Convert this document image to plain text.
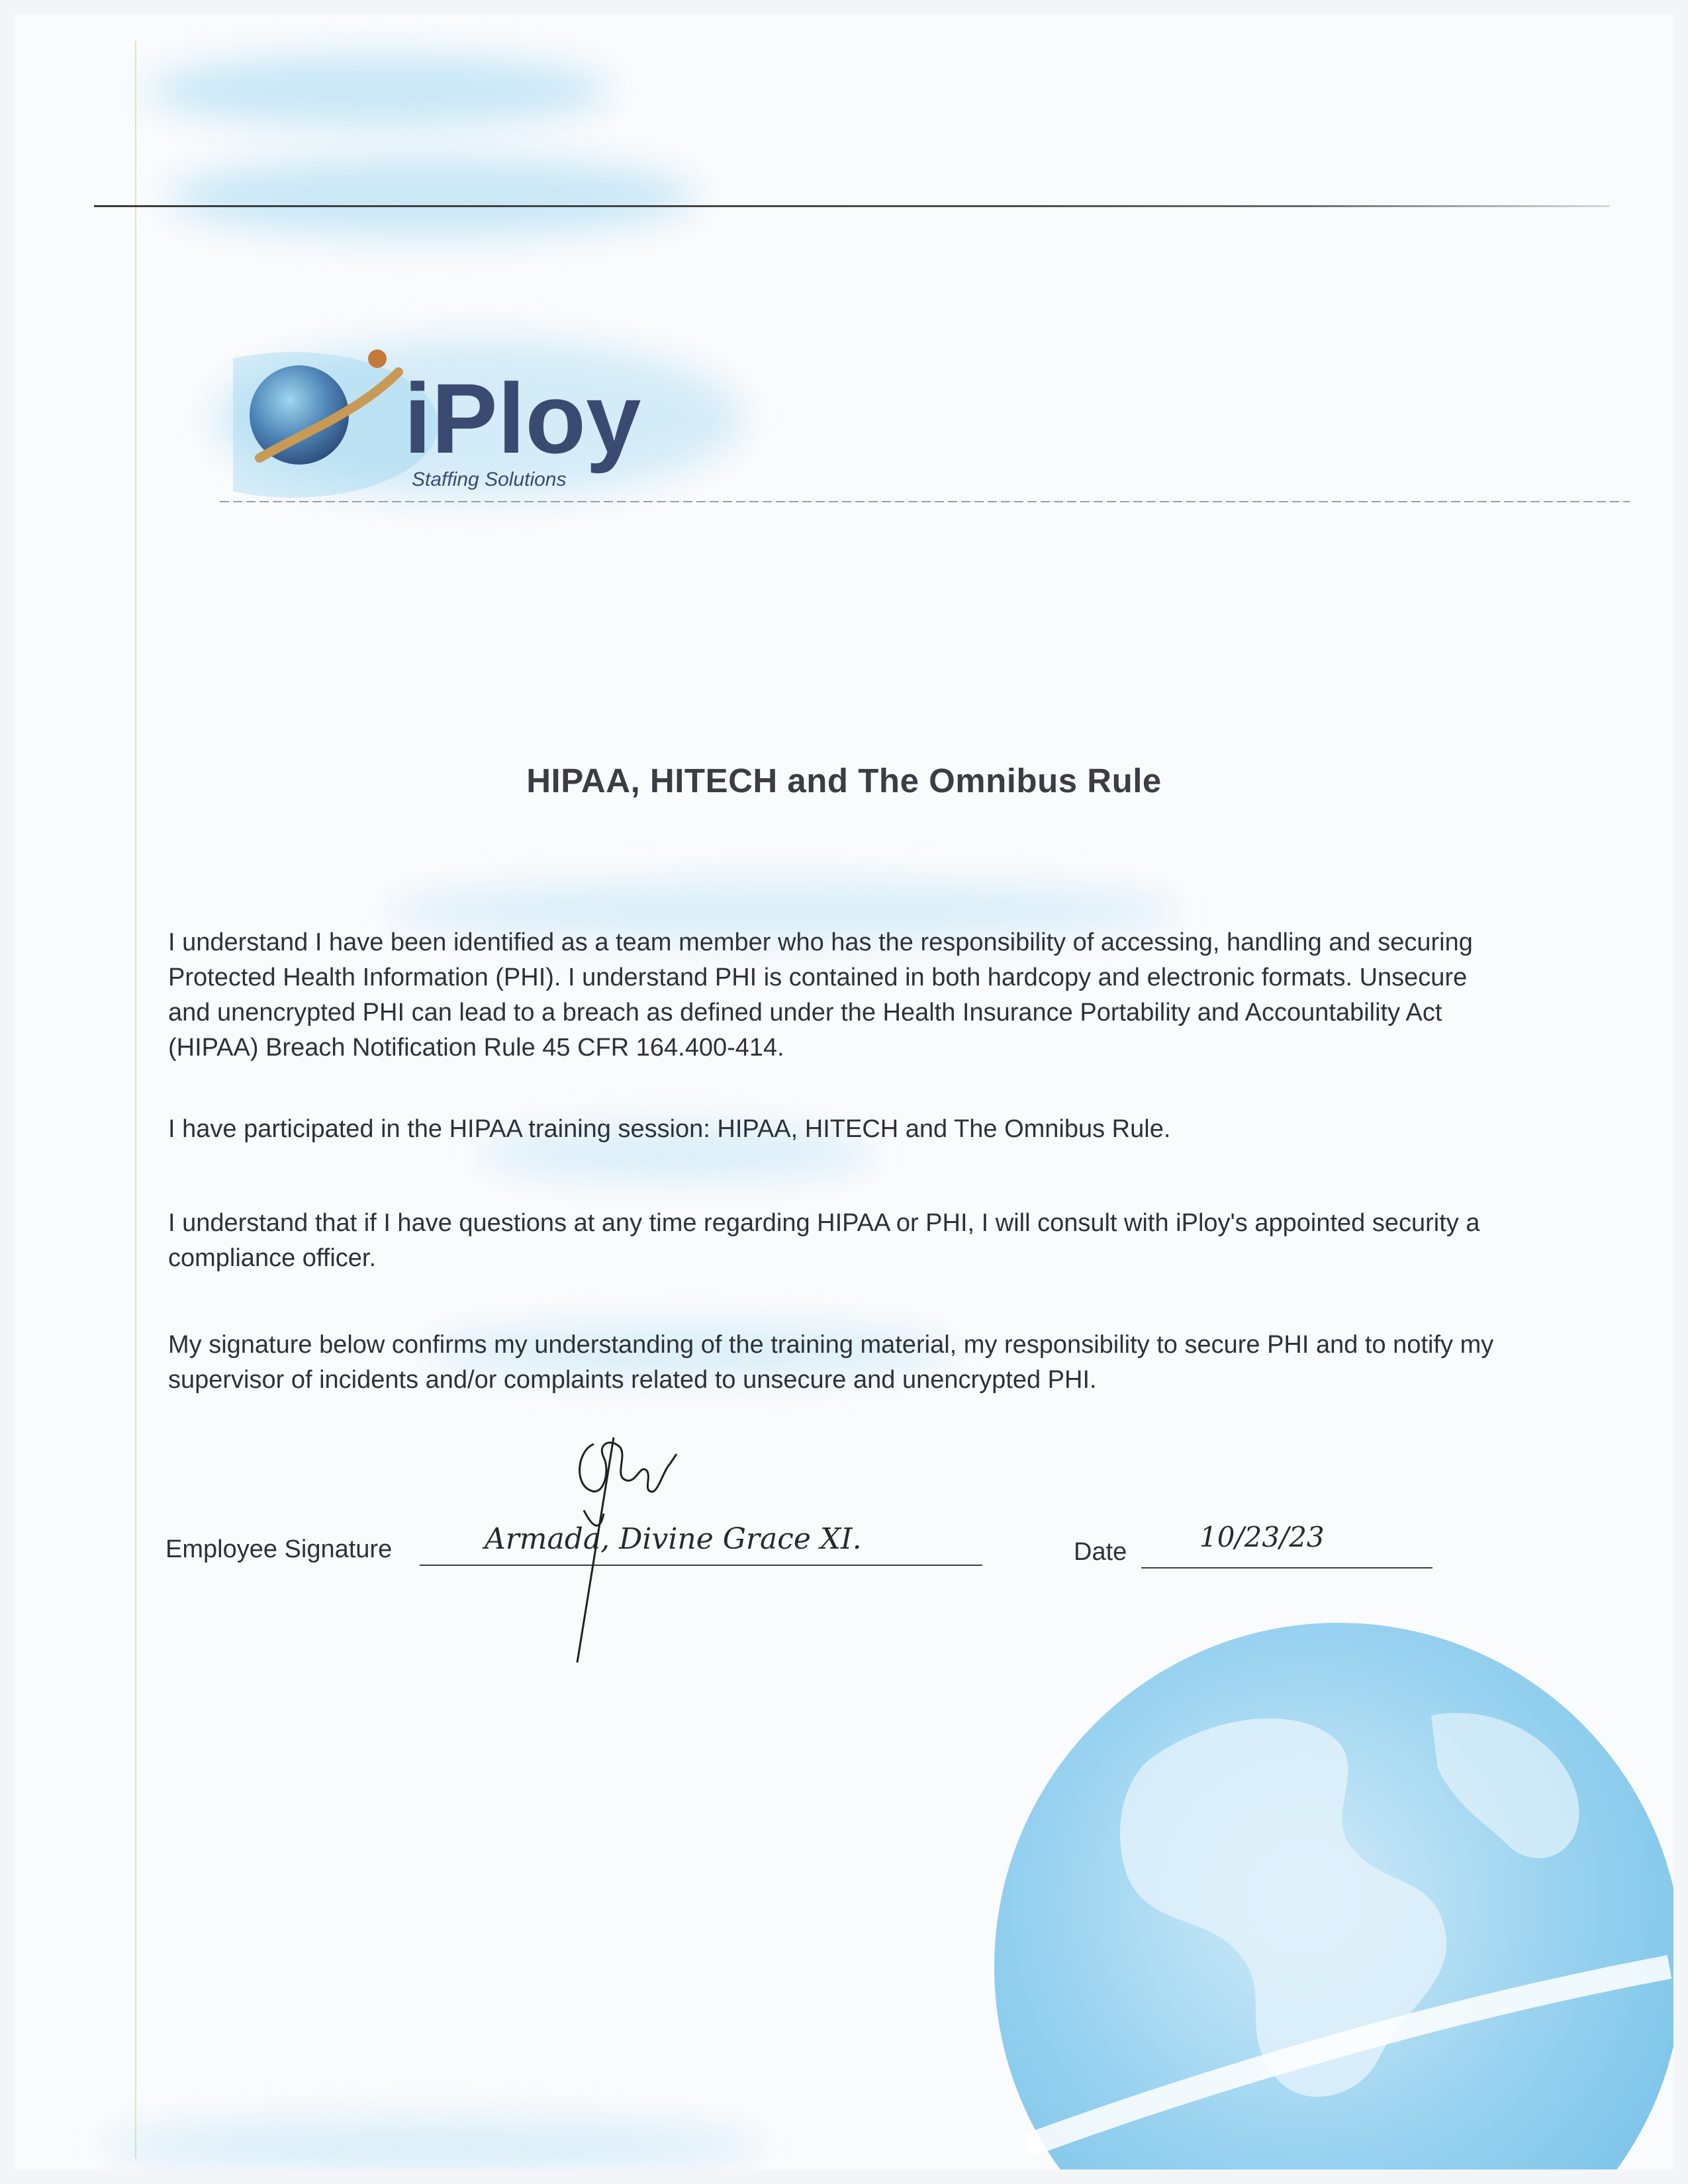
iPloy
Staffing Solutions
HIPAA, HITECH and The Omnibus Rule
I understand I have been identified as a team member who has the responsibility of accessing, handling and securing
Protected Health Information (PHI). I understand PHI is contained in both hardcopy and electronic formats. Unsecure
and unencrypted PHI can lead to a breach as defined under the Health Insurance Portability and Accountability Act
(HIPAA) Breach Notification Rule 45 CFR 164.400-414.
I have participated in the HIPAA training session: HIPAA, HITECH and The Omnibus Rule.
I understand that if I have questions at any time regarding HIPAA or PHI, I will consult with iPloy's appointed security a
compliance officer.
My signature below confirms my understanding of the training material, my responsibility to secure PHI and to notify my
supervisor of incidents and/or complaints related to unsecure and unencrypted PHI.
Employee Signature	Armada, Divine Grace XI.	Date	10/23/23
